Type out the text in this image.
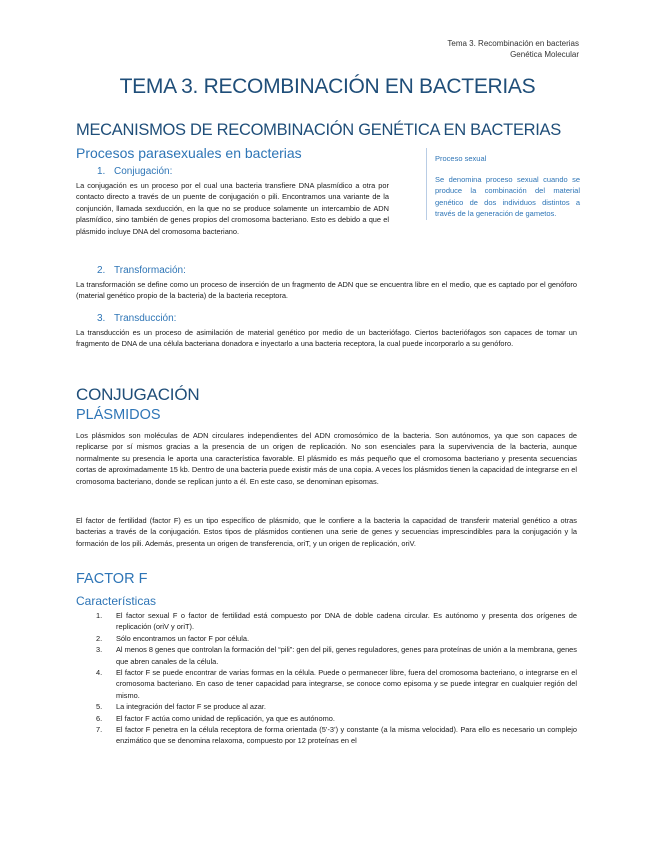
Tema 3. Recombinación en bacterias
Genética Molecular
TEMA 3. RECOMBINACIÓN EN BACTERIAS
MECANISMOS DE RECOMBINACIÓN GENÉTICA EN BACTERIAS
Procesos parasexuales en bacterias	Proceso sexual
Se denomina proceso sexual cuando se produce la combinación del material genético de dos individuos distintos a través de la generación de gametos.
1. Conjugación:
La conjugación es un proceso por el cual una bacteria transfiere DNA plasmídico a otra por contacto directo a través de un puente de conjugación o pili. Encontramos una variante de la conjunción, llamada sexducción, en la que no se produce solamente un intercambio de ADN plasmídico, sino también de genes propios del cromosoma bacteriano. Esto es debido a que el plásmido incluye DNA del cromosoma bacteriano.
2. Transformación:
La transformación se define como un proceso de inserción de un fragmento de ADN que se encuentra libre en el medio, que es captado por el genóforo (material genético propio de la bacteria) de la bacteria receptora.
3. Transducción:
La transducción es un proceso de asimilación de material genético por medio de un bacteriófago. Ciertos bacteriófagos son capaces de tomar un fragmento de DNA de una célula bacteriana donadora e inyectarlo a una bacteria receptora, la cual puede incorporarlo a su genóforo.
CONJUGACIÓN
PLÁSMIDOS
Los plásmidos son moléculas de ADN circulares independientes del ADN cromosómico de la bacteria. Son autónomos, ya que son capaces de replicarse por sí mismos gracias a la presencia de un origen de replicación. No son esenciales para la supervivencia de la bacteria, aunque normalmente su presencia le aporta una característica favorable. El plásmido es más pequeño que el cromosoma bacteriano y presenta secuencias cortas de aproximadamente 15 kb. Dentro de una bacteria puede existir más de una copia. A veces los plásmidos tienen la capacidad de integrarse en el cromosoma bacteriano, donde se replican junto a él. En este caso, se denominan episomas.
El factor de fertilidad (factor F) es un tipo específico de plásmido, que le confiere a la bacteria la capacidad de transferir material genético a otras bacterias a través de la conjugación. Estos tipos de plásmidos contienen una serie de genes y secuencias imprescindibles para la conjugación y la formación de los pili. Además, presenta un origen de transferencia, oriT, y un origen de replicación, oriV.
FACTOR F
Características
1. El factor sexual F o factor de fertilidad está compuesto por DNA de doble cadena circular. Es autónomo y presenta dos orígenes de replicación (oriV y oriT).
2. Sólo encontramos un factor F por célula.
3. Al menos 8 genes que controlan la formación del “pili”: gen del pili, genes reguladores, genes para proteínas de unión a la membrana, genes que abren canales de la célula.
4. El factor F se puede encontrar de varias formas en la célula. Puede o permanecer libre, fuera del cromosoma bacteriano, o integrarse en el cromosoma bacteriano. En caso de tener capacidad para integrarse, se conoce como episoma y se puede integrar en cualquier región del mismo.
5. La integración del factor F se produce al azar.
6. El factor F actúa como unidad de replicación, ya que es autónomo.
7. El factor F penetra en la célula receptora de forma orientada (5’-3’) y constante (a la misma velocidad). Para ello es necesario un complejo enzimático que se denomina relaxoma, compuesto por 12 proteínas en el
